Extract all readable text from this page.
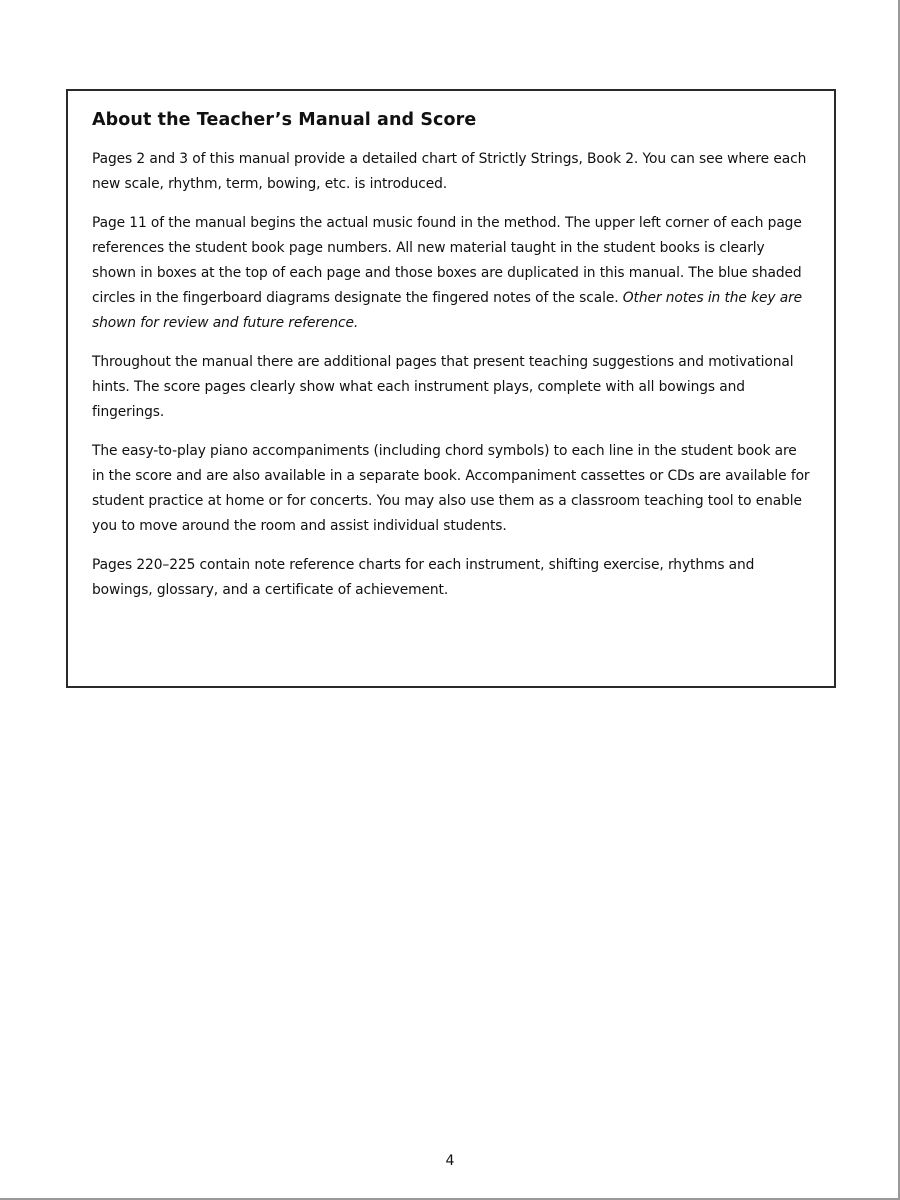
About the Teacher’s Manual and Score

Pages 2 and 3 of this manual provide a detailed chart of Strictly Strings, Book 2. You can see where each new scale, rhythm, term, bowing, etc. is introduced.

Page 11 of the manual begins the actual music found in the method. The upper left corner of each page references the student book page numbers. All new material taught in the student books is clearly shown in boxes at the top of each page and those boxes are duplicated in this manual. The blue shaded circles in the fingerboard diagrams designate the fingered notes of the scale. Other notes in the key are shown for review and future reference.

Throughout the manual there are additional pages that present teaching suggestions and motivational hints. The score pages clearly show what each instrument plays, complete with all bowings and fingerings.

The easy-to-play piano accompaniments (including chord symbols) to each line in the student book are in the score and are also available in a separate book. Accompaniment cassettes or CDs are available for student practice at home or for concerts. You may also use them as a classroom teaching tool to enable you to move around the room and assist individual students.

Pages 220–225 contain note reference charts for each instrument, shifting exercise, rhythms and bowings, glossary, and a certificate of achievement.

4
